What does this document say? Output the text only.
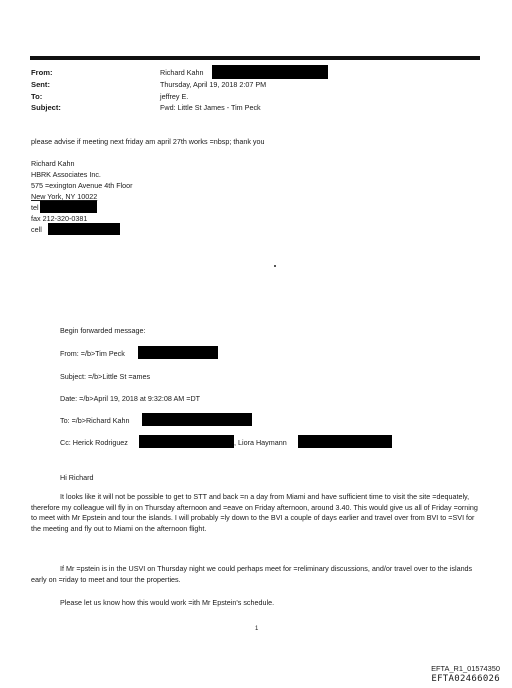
From:
Sent:
To:
Subject:
Richard Kahn
Thursday, April 19, 2018 2:07 PM
jeffrey E.
Fwd: Little St James - Tim Peck
please advise if meeting next friday am april 27th works =nbsp; thank you
Richard Kahn
HBRK Associates Inc.
575 =exington Avenue 4th Floor
New York, NY 10022
tel
fax 212-320-0381
cell
Begin forwarded message:
From: =/b>Tim Peck
Subject: =/b>Little St =ames
Date: =/b>April 19, 2018 at 9:32:08 AM =DT
To: =/b>Richard Kahn
Cc: Herick Rodriguez	, Liora Haymann
Hi Richard
It looks like it will not be possible to get to STT and back =n a day from Miami and have sufficient time to visit the site =dequately, therefore my colleague will fly in on Thursday afternoon and =eave on Friday afternoon, around 3.40. This would give us all of Friday =orning to meet with Mr Epstein and tour the islands. I will probably =ly down to the BVI a couple of days earlier and travel over from BVI to =SVI for the meeting and fly out to Miami on the afternoon flight.
If Mr =pstein is in the USVI on Thursday night we could perhaps meet for =reliminary discussions, and/or travel over to the islands early on =riday to meet and tour the properties.
Please let us know how this would work =ith Mr Epstein's schedule.
1
EFTA_R1_01574350
EFTA02466026
